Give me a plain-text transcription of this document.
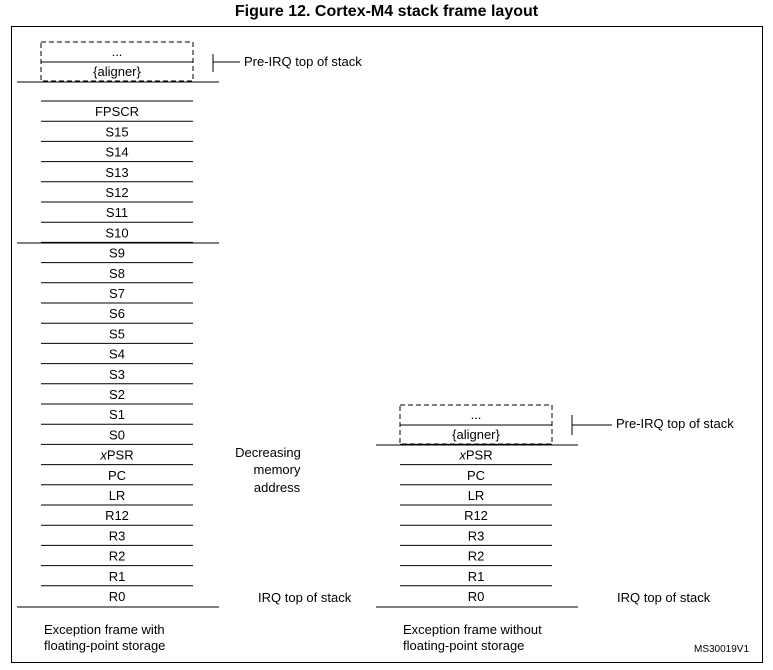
Figure 12. Cortex-M4 stack frame layout
...
{aligner}
Pre-IRQ top of stack
FPSCR
S15
S14
S13
S12
S11
S10
S9
S8
S7
S6
S5
S4
S3
S2
S1
S0
xPSR
PC
LR
R12
R3
R2
R1
R0	IRQ top of stack
Exception frame with
floating-point storage
Decreasing
memory
address
...
{aligner}
Pre-IRQ top of stack
xPSR
PC
LR
R12
R3
R2
R1
R0	IRQ top of stack
Exception frame without
floating-point storage	MS30019V1
